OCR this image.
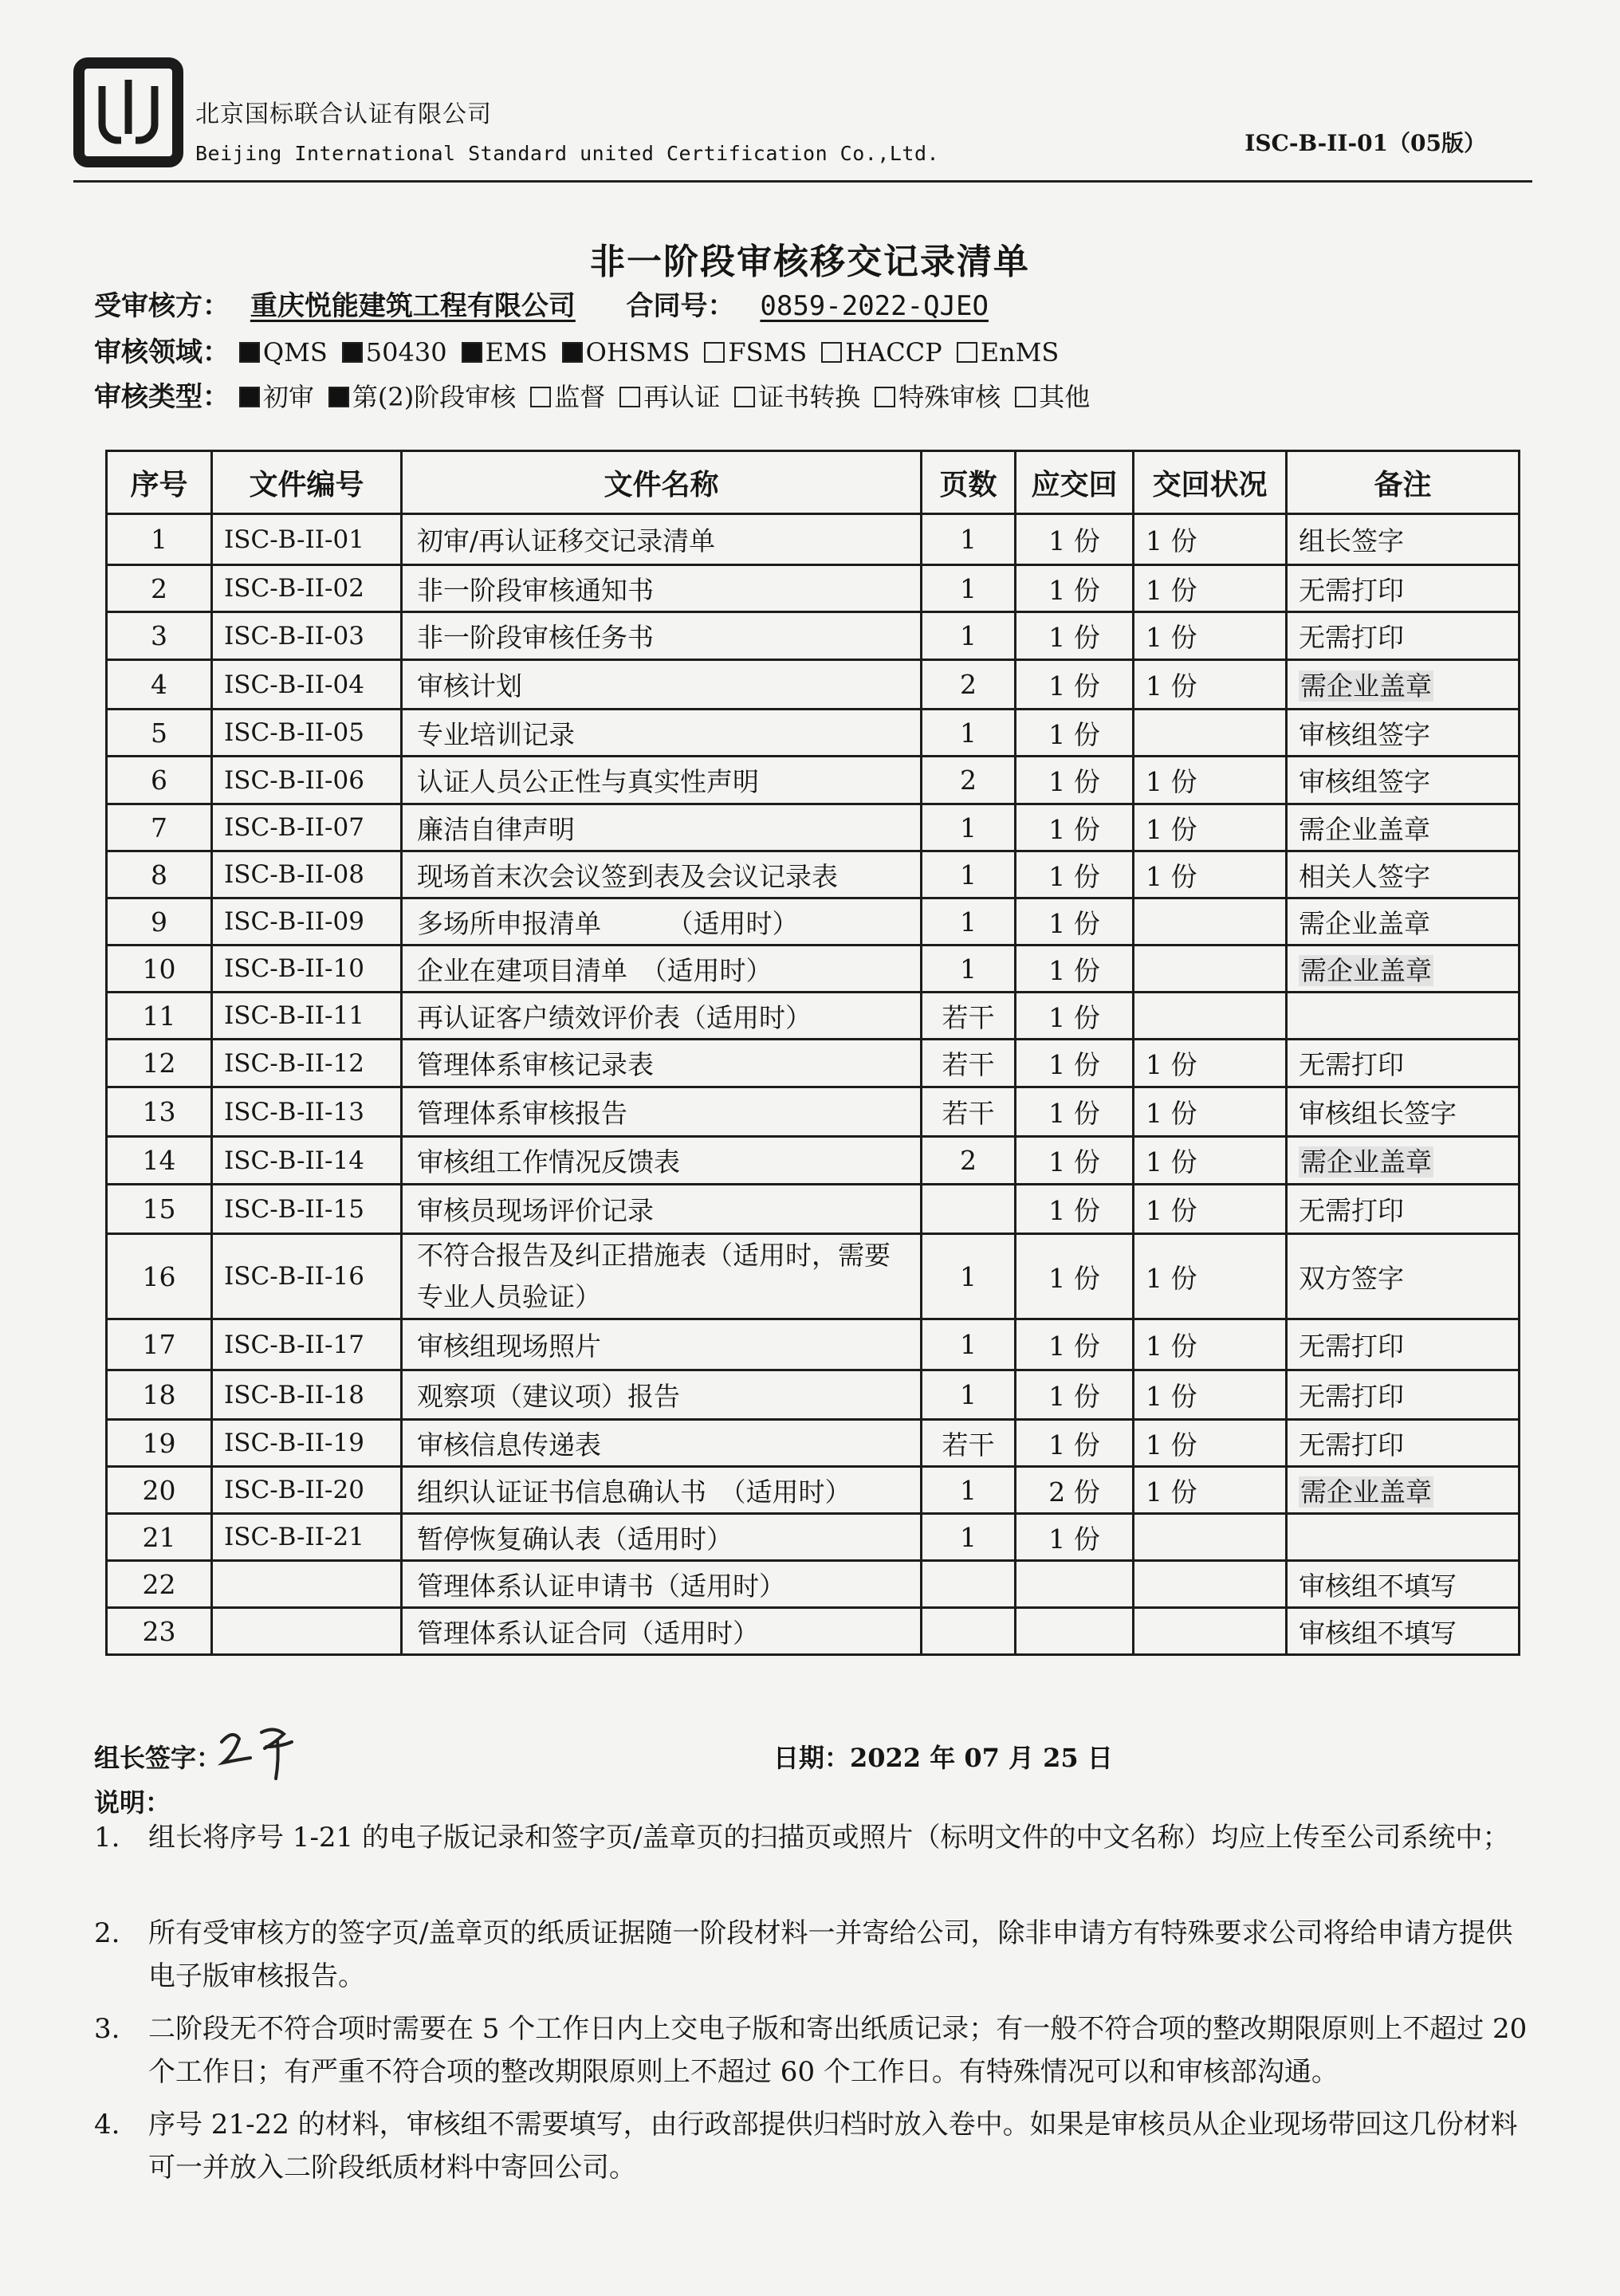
北京国标联合认证有限公司
Beijing International Standard united Certification Co.,Ltd.	ISC-B-II-01（05版）
非一阶段审核移交记录清单
受审核方： 重庆悦能建筑工程有限公司 合同号： 0859-2022-QJEO
审核领域： QMS 50430 EMS OHSMS FSMS HACCP EnMS
审核类型： 初审 第(2)阶段审核 监督 再认证 证书转换 特殊审核 其他
序号	文件编号	文件名称	页数	应交回	交回状况	备注
1	ISC-B-II-01	初审/再认证移交记录清单	1	1 份	1 份	组长签字
2	ISC-B-II-02	非一阶段审核通知书	1	1 份	1 份	无需打印
3	ISC-B-II-03	非一阶段审核任务书	1	1 份	1 份	无需打印
4	ISC-B-II-04	审核计划	2	1 份	1 份	需企业盖章
5	ISC-B-II-05	专业培训记录	1	1 份		审核组签字
6	ISC-B-II-06	认证人员公正性与真实性声明	2	1 份	1 份	审核组签字
7	ISC-B-II-07	廉洁自律声明	1	1 份	1 份	需企业盖章
8	ISC-B-II-08	现场首末次会议签到表及会议记录表	1	1 份	1 份	相关人签字
9	ISC-B-II-09	多场所申报清单　　　（适用时）	1	1 份		需企业盖章
10	ISC-B-II-10	企业在建项目清单　（适用时）	1	1 份		需企业盖章
11	ISC-B-II-11	再认证客户绩效评价表（适用时）	若干	1 份		
12	ISC-B-II-12	管理体系审核记录表	若干	1 份	1 份	无需打印
13	ISC-B-II-13	管理体系审核报告	若干	1 份	1 份	审核组长签字
14	ISC-B-II-14	审核组工作情况反馈表	2	1 份	1 份	需企业盖章
15	ISC-B-II-15	审核员现场评价记录		1 份	1 份	无需打印
16	ISC-B-II-16	不符合报告及纠正措施表（适用时，需要专业人员验证）	1	1 份	1 份	双方签字
17	ISC-B-II-17	审核组现场照片	1	1 份	1 份	无需打印
18	ISC-B-II-18	观察项（建议项）报告	1	1 份	1 份	无需打印
19	ISC-B-II-19	审核信息传递表	若干	1 份	1 份	无需打印
20	ISC-B-II-20	组织认证证书信息确认书　（适用时）	1	2 份	1 份	需企业盖章
21	ISC-B-II-21	暂停恢复确认表（适用时）	1	1 份		
22		管理体系认证申请书（适用时）				审核组不填写
23		管理体系认证合同（适用时）				审核组不填写
组长签字：	日期：2022 年 07 月 25 日
说明：
1.	组长将序号 1-21 的电子版记录和签字页/盖章页的扫描页或照片（标明文件的中文名称）均应上传至公司系统中；
2.	所有受审核方的签字页/盖章页的纸质证据随一阶段材料一并寄给公司，除非申请方有特殊要求公司将给申请方提供电子版审核报告。
3.	二阶段无不符合项时需要在 5 个工作日内上交电子版和寄出纸质记录；有一般不符合项的整改期限原则上不超过 20 个工作日；有严重不符合项的整改期限原则上不超过 60 个工作日。有特殊情况可以和审核部沟通。
4.	序号 21-22 的材料，审核组不需要填写，由行政部提供归档时放入卷中。如果是审核员从企业现场带回这几份材料可一并放入二阶段纸质材料中寄回公司。
